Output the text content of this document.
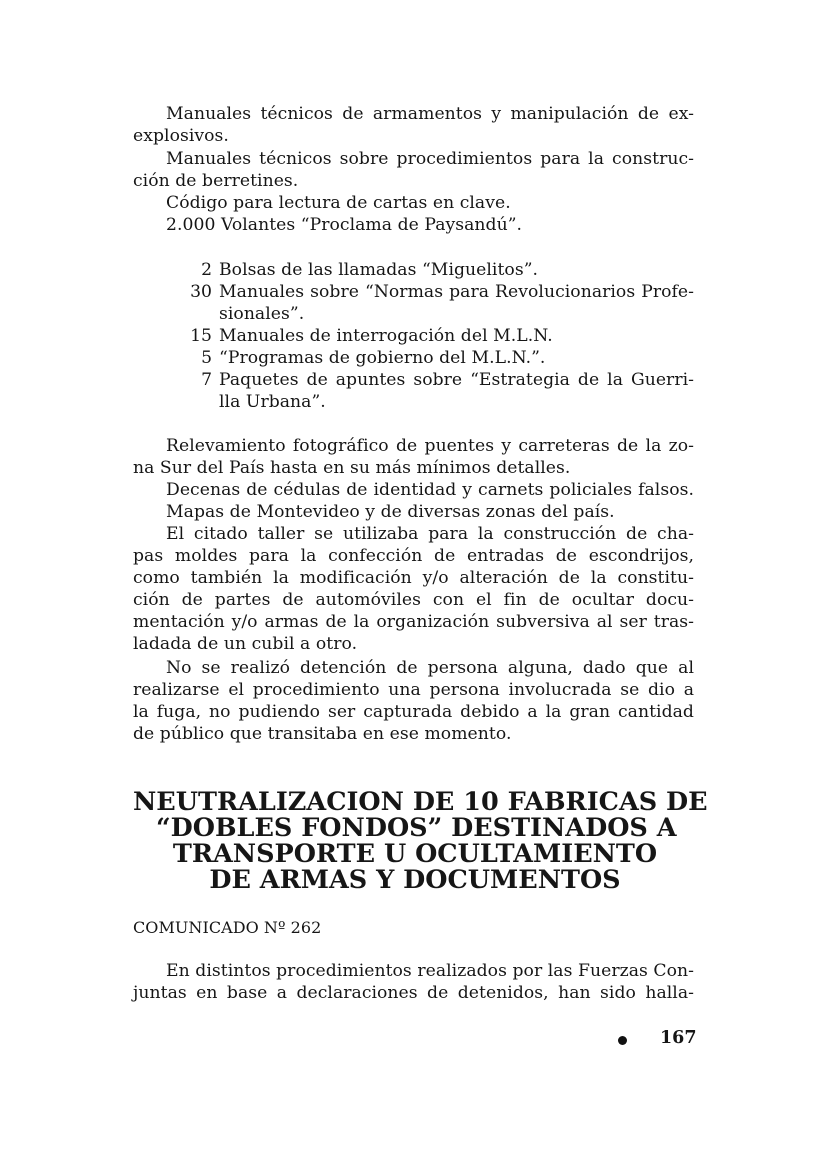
Manuales técnicos de armamentos y manipulación de ex-
explosivos.
Manuales técnicos sobre procedimientos para la construc-
ción de berretines.
Código para lectura de cartas en clave.
2.000 Volantes “Proclama de Paysandú”.
2 Bolsas de las llamadas “Miguelitos”.
30 Manuales sobre “Normas para Revolucionarios Profe-
sionales”.
15 Manuales de interrogación del M.L.N.
5 “Programas de gobierno del M.L.N.”.
7 Paquetes de apuntes sobre “Estrategia de la Guerri-
lla Urbana”.
Relevamiento fotográfico de puentes y carreteras de la zo-
na Sur del País hasta en su más mínimos detalles.
Decenas de cédulas de identidad y carnets policiales falsos.
Mapas de Montevideo y de diversas zonas del país.
El citado taller se utilizaba para la construcción de cha-
pas moldes para la confección de entradas de escondrijos,
como también la modificación y/o alteración de la constitu-
ción de partes de automóviles con el fin de ocultar docu-
mentación y/o armas de la organización subversiva al ser tras-
ladada de un cubil a otro.
No se realizó detención de persona alguna, dado que al
realizarse el procedimiento una persona involucrada se dio a
la fuga, no pudiendo ser capturada debido a la gran cantidad
de público que transitaba en ese momento.
NEUTRALIZACION DE 10 FABRICAS DE
“DOBLES FONDOS” DESTINADOS A
TRANSPORTE U OCULTAMIENTO
DE ARMAS Y DOCUMENTOS
COMUNICADO Nº 262
En distintos procedimientos realizados por las Fuerzas Con-
juntas en base a declaraciones de detenidos, han sido halla-
167
